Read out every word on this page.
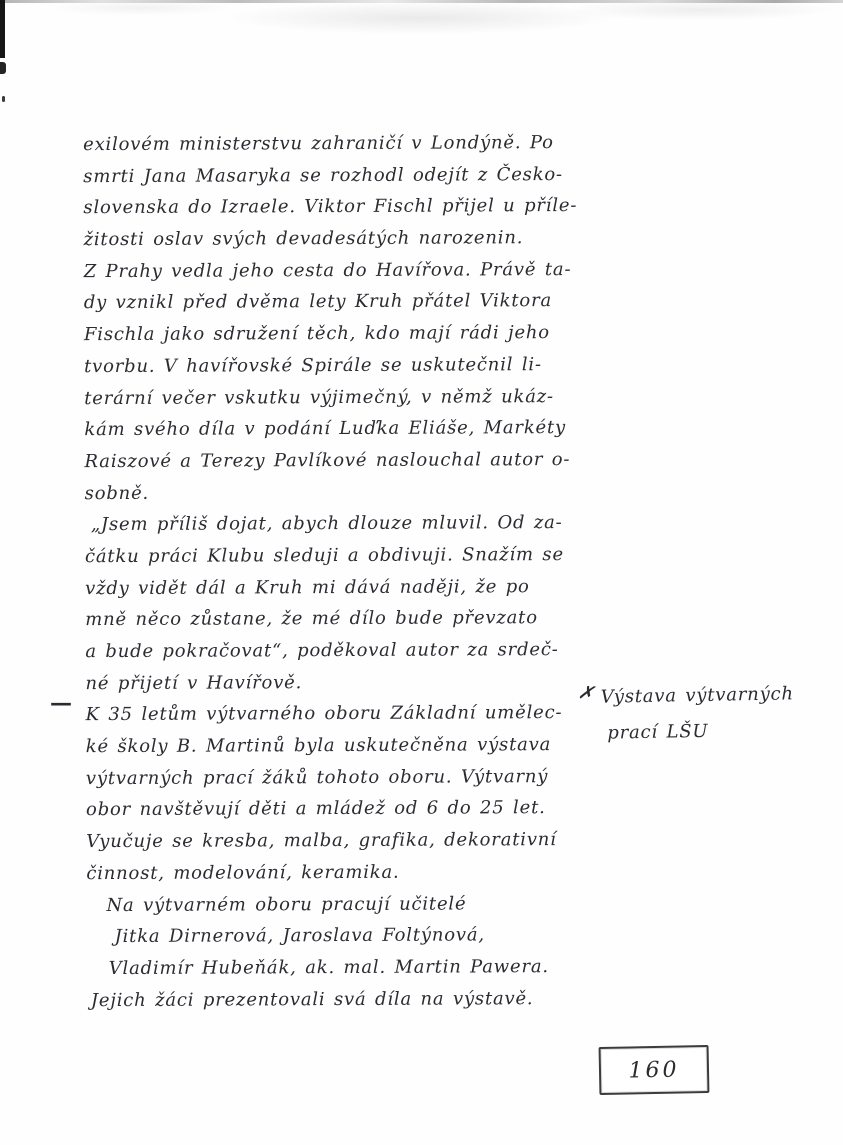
—
exilovém ministerstvu zahraničí v Londýně. Po
smrti Jana Masaryka se rozhodl odejít z Česko-
slovenska do Izraele. Viktor Fischl přijel u příle-
žitosti oslav svých devadesátých narozenin.
Z Prahy vedla jeho cesta do Havířova. Právě ta-
dy vznikl před dvěma lety Kruh přátel Viktora
Fischla jako sdružení těch, kdo mají rádi jeho
tvorbu. V havířovské Spirále se uskutečnil li-
terární večer vskutku výjimečný, v němž ukáz-
kám svého díla v podání Luďka Eliáše, Markéty
Raiszové a Terezy Pavlíkové naslouchal autor o-
sobně.
„Jsem příliš dojat, abych dlouze mluvil. Od za-
čátku práci Klubu sleduji a obdivuji. Snažím se
vždy vidět dál a Kruh mi dává naději, že po
mně něco zůstane, že mé dílo bude převzato
a bude pokračovat“, poděkoval autor za srdeč-
né přijetí v Havířově.
K 35 letům výtvarného oboru Základní umělec-
ké školy B. Martinů byla uskutečněna výstava
výtvarných prací žáků tohoto oboru. Výtvarný
obor navštěvují děti a mládež od 6 do 25 let.
Vyučuje se kresba, malba, grafika, dekorativní
činnost, modelování, keramika.
Na výtvarném oboru pracují učitelé
Jitka Dirnerová, Jaroslava Foltýnová,
Vladimír Hubeňák, ak. mal. Martin Pawera.
Jejich žáci prezentovali svá díla na výstavě.
✗ Výstava výtvarných
prací LŠU
160
